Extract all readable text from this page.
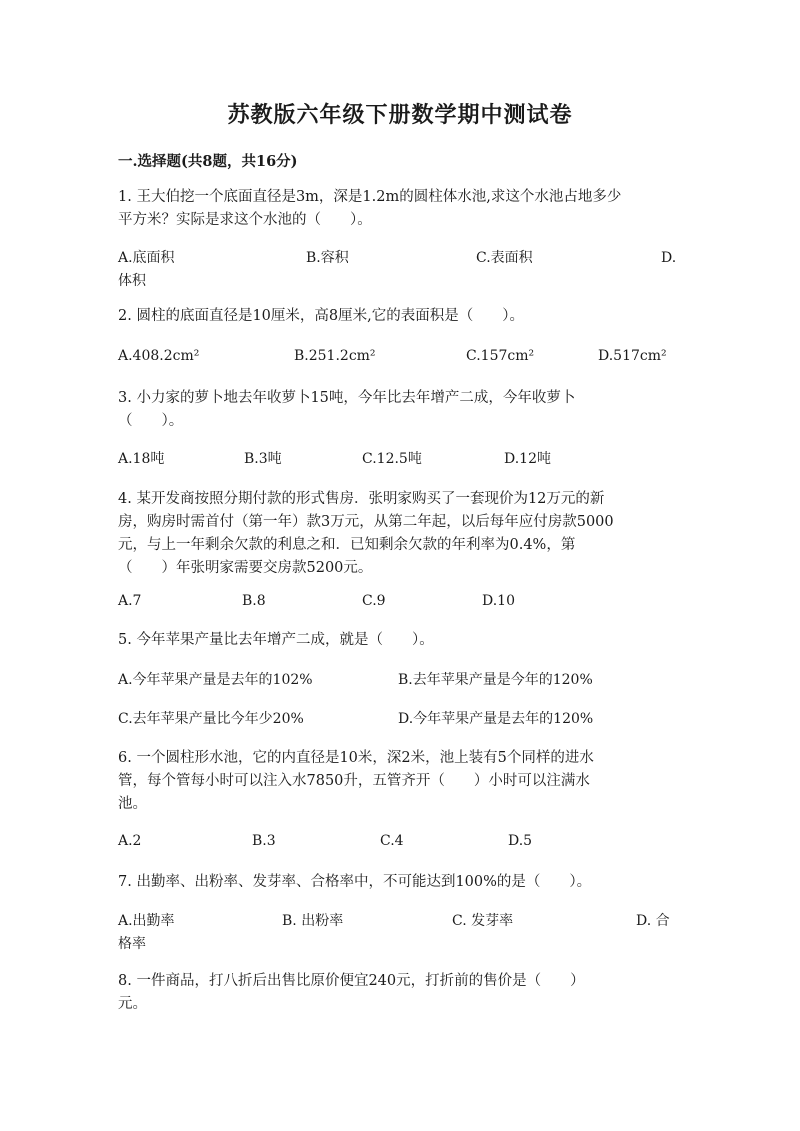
苏教版六年级下册数学期中测试卷
一.选择题(共8题，共16分)
1. 王大伯挖一个底面直径是3m，深是1.2m的圆柱体水池,求这个水池占地多少
平方米？实际是求这个水池的（　　）。
A.底面积	B.容积	C.表面积	D.
体积
2. 圆柱的底面直径是10厘米，高8厘米,它的表面积是（　　）。
A.408.2cm²	B.251.2cm²	C.157cm²	D.517cm²
3. 小力家的萝卜地去年收萝卜15吨，今年比去年增产二成，今年收萝卜
（　　）。
A.18吨	B.3吨	C.12.5吨	D.12吨
4. 某开发商按照分期付款的形式售房．张明家购买了一套现价为12万元的新
房，购房时需首付（第一年）款3万元，从第二年起，以后每年应付房款5000
元，与上一年剩余欠款的利息之和．已知剩余欠款的年利率为0.4%，第
（　　）年张明家需要交房款5200元。
A.7	B.8	C.9	D.10
5. 今年苹果产量比去年增产二成，就是（　　）。
A.今年苹果产量是去年的102%	B.去年苹果产量是今年的120%
C.去年苹果产量比今年少20%	D.今年苹果产量是去年的120%
6. 一个圆柱形水池，它的内直径是10米，深2米，池上装有5个同样的进水
管，每个管每小时可以注入水7850升，五管齐开（　　）小时可以注满水
池。
A.2	B.3	C.4	D.5
7. 出勤率、出粉率、发芽率、合格率中，不可能达到100%的是（　　）。
A.出勤率	B. 出粉率	C. 发芽率	D. 合
格率
8. 一件商品，打八折后出售比原价便宜240元，打折前的售价是（　　）
元。
